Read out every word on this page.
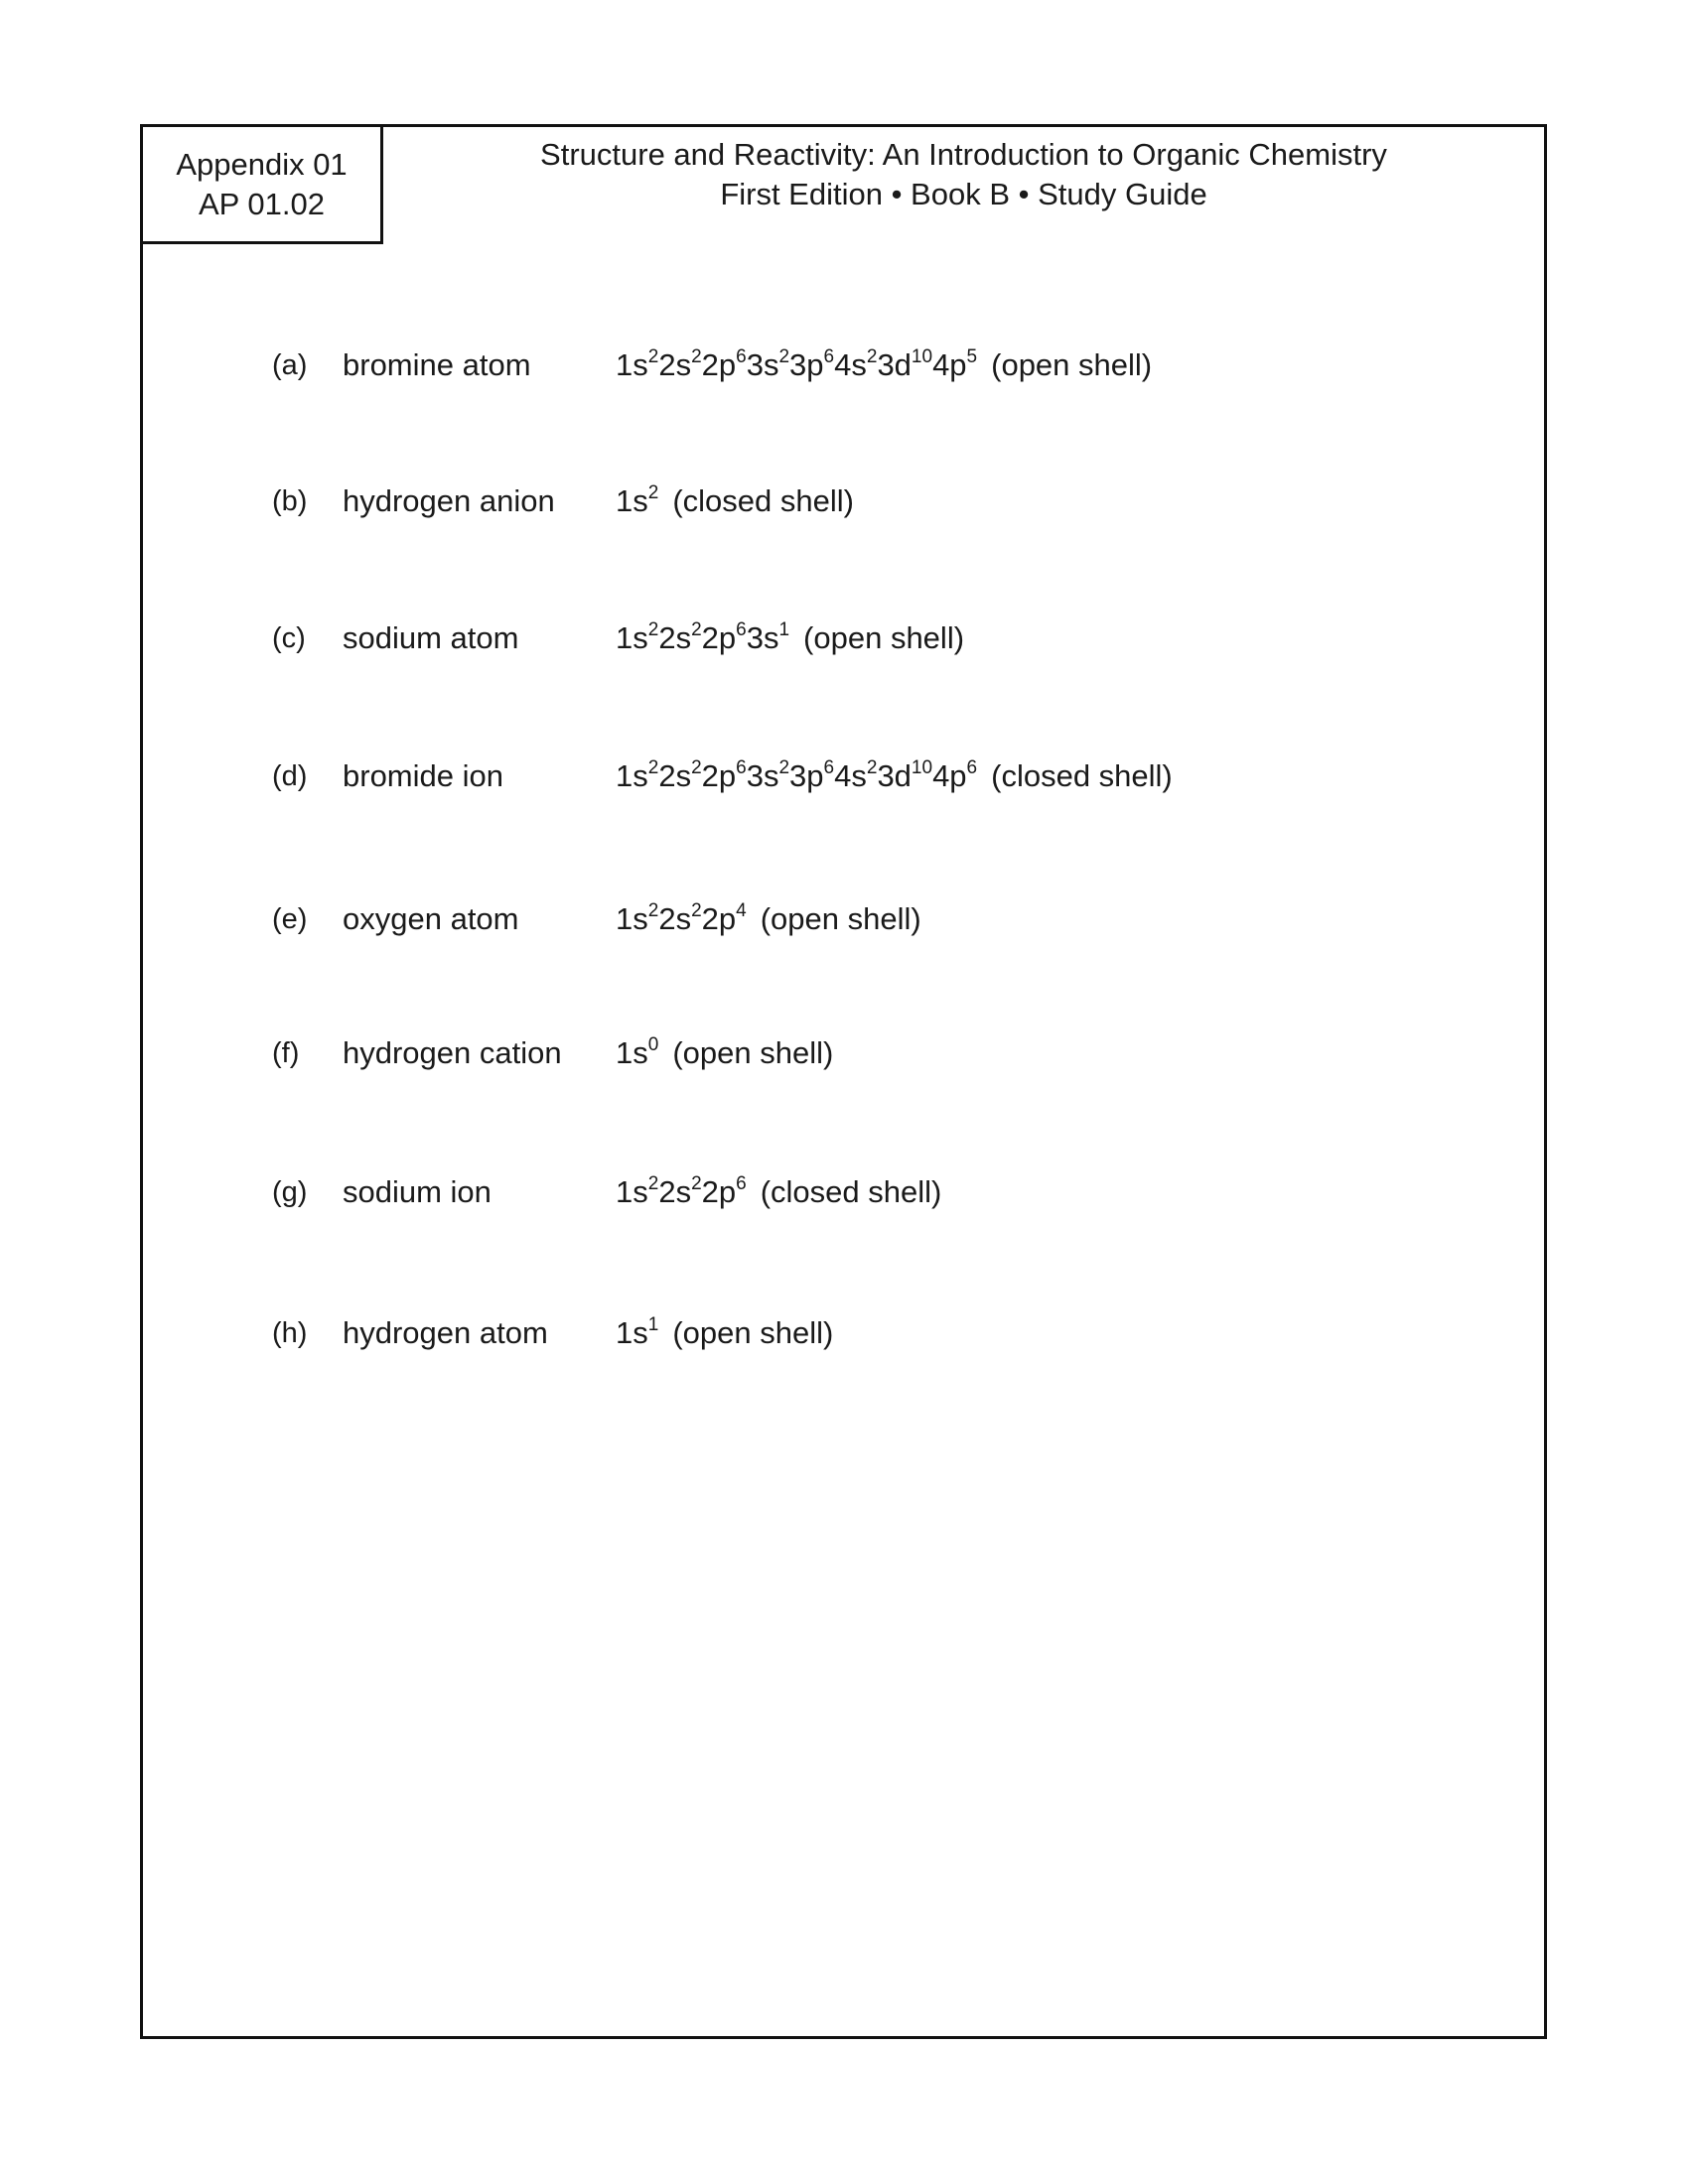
Appendix 01
AP 01.02
Structure and Reactivity: An Introduction to Organic Chemistry
First Edition • Book B • Study Guide
(a) bromine atom	$1s^22s^22p^63s^23p^64s^23d^{10}4p^5$ (open shell)
(b) hydrogen anion $1s^2$ (closed shell)
(c) sodium atom	$1s^22s^22p^63s^1$ (open shell)
(d) bromide ion	$1s^22s^22p^63s^23p^64s^23d^{10}4p^6$ (closed shell)
(e) oxygen atom	$1s^22s^22p^4$ (open shell)
(f) hydrogen cation $1s^0$ (open shell)
(g) sodium ion	$1s^22s^22p^6$ (closed shell)
(h) hydrogen atom $1s^1$ (open shell)
